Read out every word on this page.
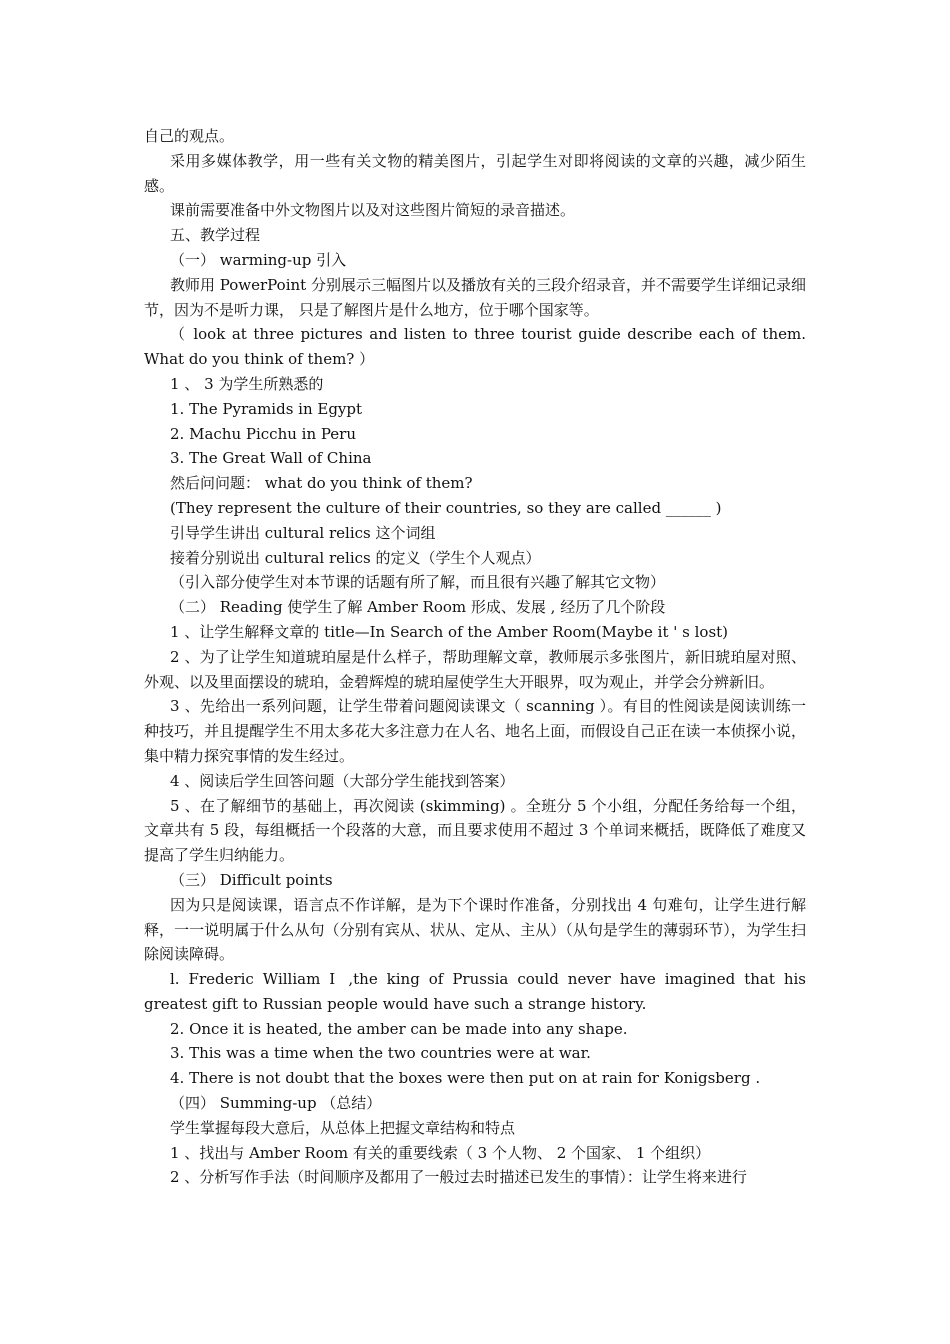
自己的观点。

采用多媒体教学，用一些有关文物的精美图片，引起学生对即将阅读的文章的兴趣，减少陌生感。

课前需要准备中外文物图片以及对这些图片简短的录音描述。

五、教学过程

（一） warming-up 引入

教师用 PowerPoint 分别展示三幅图片以及播放有关的三段介绍录音，并不需要学生详细记录细节，因为不是听力课， 只是了解图片是什么地方，位于哪个国家等。

（ look at three pictures and listen to three tourist guide describe each of them. What do you think of them? ）

1 、 3 为学生所熟悉的

1. The Pyramids in Egypt

2. Machu Picchu in Peru

3. The Great Wall of China

然后问问题： what do you think of them?

(They represent the culture of their countries, so they are called ______ )

引导学生讲出 cultural relics 这个词组

接着分别说出 cultural relics 的定义（学生个人观点）

（引入部分使学生对本节课的话题有所了解，而且很有兴趣了解其它文物）

（二） Reading 使学生了解 Amber Room 形成、发展 , 经历了几个阶段

1 、让学生解释文章的 title—In Search of the Amber Room(Maybe it ' s lost)

2 、为了让学生知道琥珀屋是什么样子，帮助理解文章，教师展示多张图片，新旧琥珀屋对照、外观、以及里面摆设的琥珀，金碧辉煌的琥珀屋使学生大开眼界，叹为观止，并学会分辨新旧。

3 、先给出一系列问题，让学生带着问题阅读课文（ scanning ）。有目的性阅读是阅读训练一种技巧，并且提醒学生不用太多花大多注意力在人名、地名上面，而假设自己正在读一本侦探小说，集中精力探究事情的发生经过。

4 、阅读后学生回答问题（大部分学生能找到答案）

5 、在了解细节的基础上，再次阅读 (skimming) 。全班分 5 个小组，分配任务给每一个组，文章共有 5 段，每组概括一个段落的大意，而且要求使用不超过 3 个单词来概括，既降低了难度又提高了学生归纳能力。

（三） Difficult points

因为只是阅读课，语言点不作详解，是为下个课时作准备，分别找出 4 句难句，让学生进行解释，一一说明属于什么从句（分别有宾从、状从、定从、主从）（从句是学生的薄弱环节），为学生扫除阅读障碍。

l. Frederic William Ⅰ ,the king of Prussia could never have imagined that his greatest gift to Russian people would have such a strange history.

2. Once it is heated, the amber can be made into any shape.

3. This was a time when the two countries were at war.

4. There is not doubt that the boxes were then put on at rain for Konigsberg .

（四） Summing-up （总结）

学生掌握每段大意后，从总体上把握文章结构和特点

1 、找出与 Amber Room 有关的重要线索（ 3 个人物、 2 个国家、 1 个组织）

2 、分析写作手法（时间顺序及都用了一般过去时描述已发生的事情）：让学生将来进行
